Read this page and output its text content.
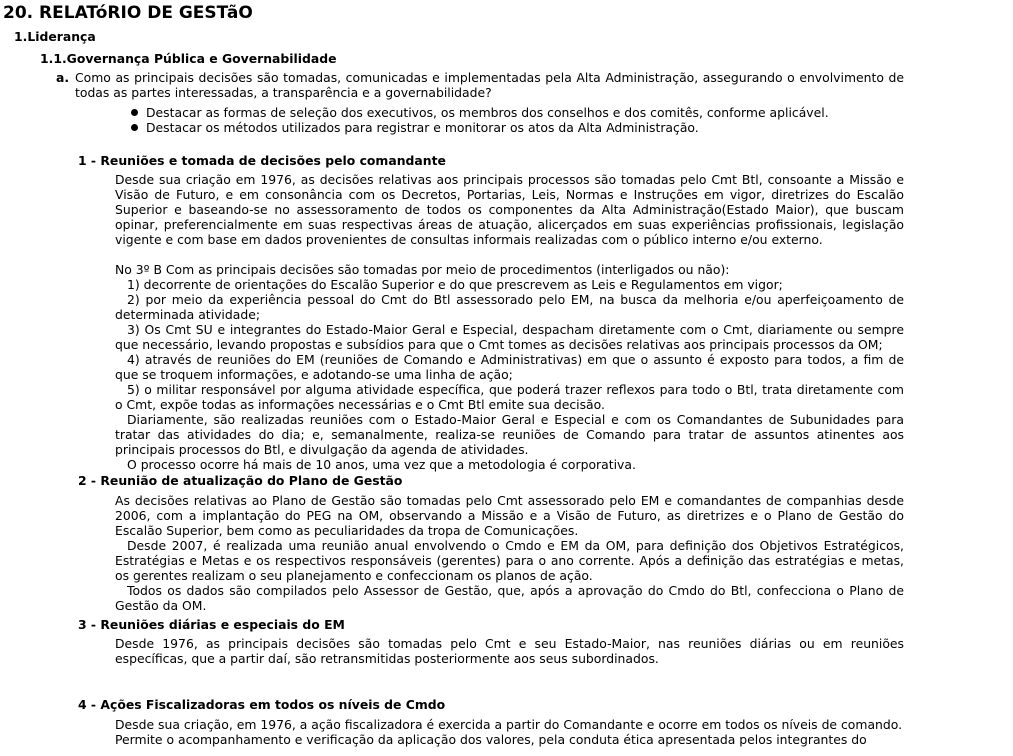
20. RELATóRIO DE GESTãO
1.Liderança
1.1.Governança Pública e Governabilidade
a. Como as principais decisões são tomadas, comunicadas e implementadas pela Alta Administração, assegurando o envolvimento de todas as partes interessadas, a transparência e a governabilidade?
Destacar as formas de seleção dos executivos, os membros dos conselhos e dos comitês, conforme aplicável.
Destacar os métodos utilizados para registrar e monitorar os atos da Alta Administração.
1 - Reuniões e tomada de decisões pelo comandante

Desde sua criação em 1976, as decisões relativas aos principais processos são tomadas pelo Cmt Btl, consoante a Missão e Visão de Futuro, e em consonância com os Decretos, Portarias, Leis, Normas e Instruções em vigor, diretrizes do Escalão Superior e baseando-se no assessoramento de todos os componentes da Alta Administração(Estado Maior), que buscam opinar, preferencialmente em suas respectivas áreas de atuação, alicerçados em suas experiências profissionais, legislação vigente e com base em dados provenientes de consultas informais realizadas com o público interno e/ou externo.

No 3º B Com as principais decisões são tomadas por meio de procedimentos (interligados ou não):

1) decorrente de orientações do Escalão Superior e do que prescrevem as Leis e Regulamentos em vigor;

2) por meio da experiência pessoal do Cmt do Btl assessorado pelo EM, na busca da melhoria e/ou aperfeiçoamento de determinada atividade;

3) Os Cmt SU e integrantes do Estado-Maior Geral e Especial, despacham diretamente com o Cmt, diariamente ou sempre que necessário, levando propostas e subsídios para que o Cmt tomes as decisões relativas aos principais processos da OM;

4) através de reuniões do EM (reuniões de Comando e Administrativas) em que o assunto é exposto para todos, a fim de que se troquem informações, e adotando-se uma linha de ação;

5) o militar responsável por alguma atividade específica, que poderá trazer reflexos para todo o Btl, trata diretamente com o Cmt, expõe todas as informações necessárias e o Cmt Btl emite sua decisão.

Diariamente, são realizadas reuniões com o Estado-Maior Geral e Especial e com os Comandantes de Subunidades para tratar das atividades do dia; e, semanalmente, realiza-se reuniões de Comando para tratar de assuntos atinentes aos principais processos do Btl, e divulgação da agenda de atividades.

O processo ocorre há mais de 10 anos, uma vez que a metodologia é corporativa.

2 - Reunião de atualização do Plano de Gestão

As decisões relativas ao Plano de Gestão são tomadas pelo Cmt assessorado pelo EM e comandantes de companhias desde 2006, com a implantação do PEG na OM, observando a Missão e a Visão de Futuro, as diretrizes e o Plano de Gestão do Escalão Superior, bem como as peculiaridades da tropa de Comunicações.

Desde 2007, é realizada uma reunião anual envolvendo o Cmdo e EM da OM, para definição dos Objetivos Estratégicos, Estratégias e Metas e os respectivos responsáveis (gerentes) para o ano corrente. Após a definição das estratégias e metas, os gerentes realizam o seu planejamento e confeccionam os planos de ação.

Todos os dados são compilados pelo Assessor de Gestão, que, após a aprovação do Cmdo do Btl, confecciona o Plano de Gestão da OM.

3 - Reuniões diárias e especiais do EM

Desde 1976, as principais decisões são tomadas pelo Cmt e seu Estado-Maior, nas reuniões diárias ou em reuniões específicas, que a partir daí, são retransmitidas posteriormente aos seus subordinados.

4 - Ações Fiscalizadoras em todos os níveis de Cmdo

Desde sua criação, em 1976, a ação fiscalizadora é exercida a partir do Comandante e ocorre em todos os níveis de comando.

Permite o acompanhamento e verificação da aplicação dos valores, pela conduta ética apresentada pelos integrantes do
